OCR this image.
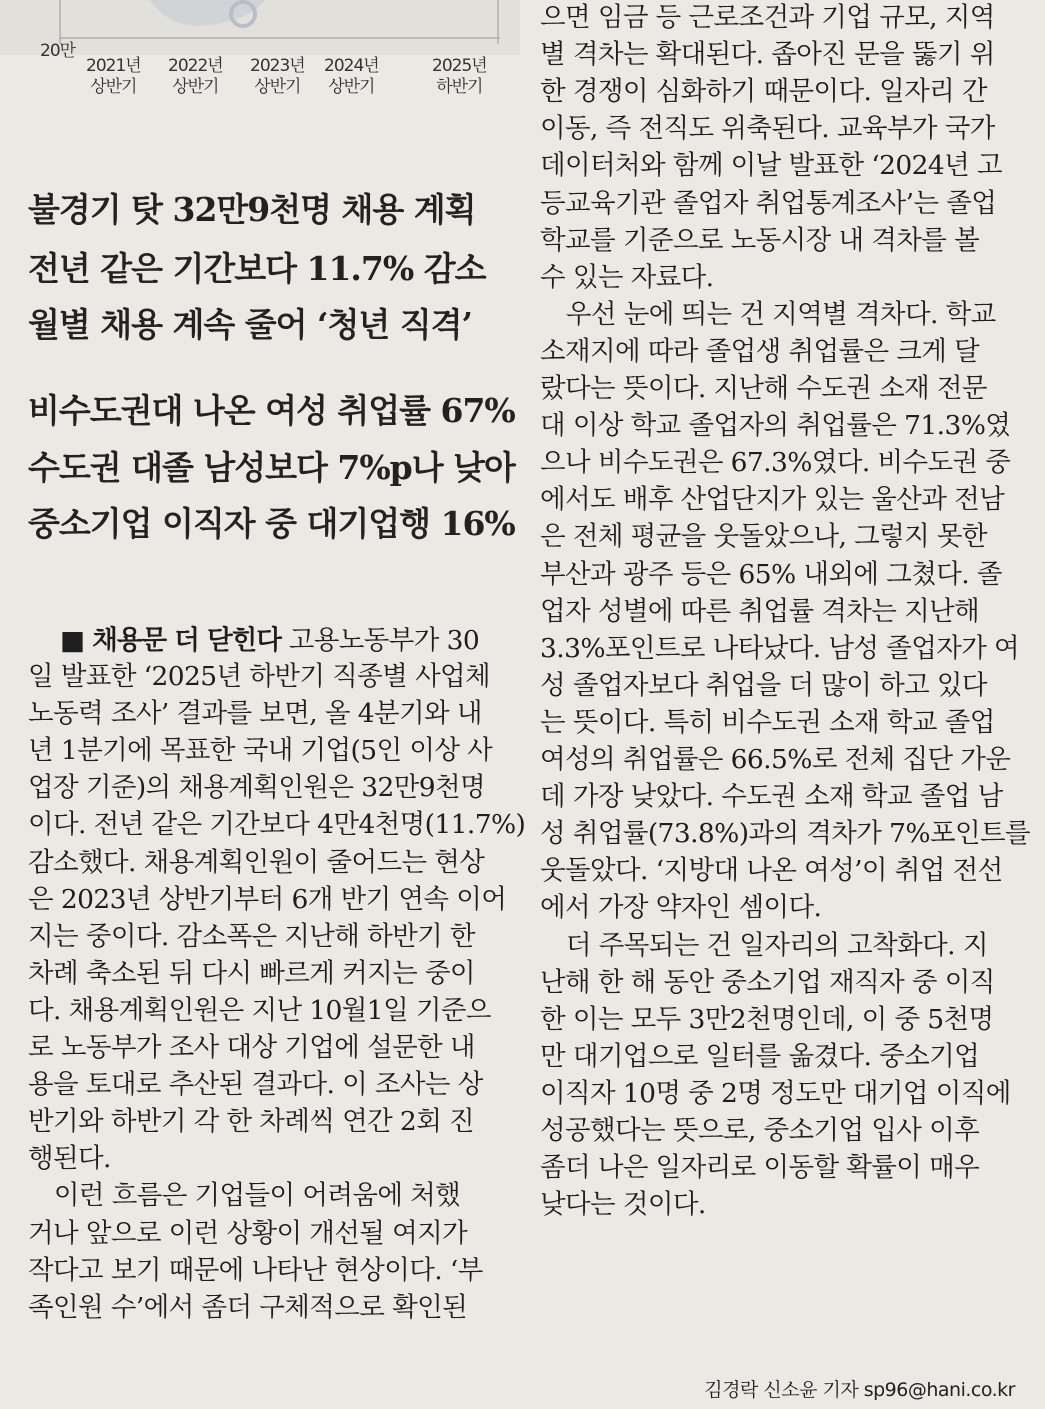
20만
2021년
상반기
2022년
상반기
2023년
상반기
2024년
상반기
2025년
하반기
불경기 탓 32만9천명 채용 계획
전년 같은 기간보다 11.7% 감소
월별 채용 계속 줄어 ‘청년 직격’
비수도권대 나온 여성 취업률 67%
수도권 대졸 남성보다 7%p나 낮아
중소기업 이직자 중 대기업행 16%
■ 채용문 더 닫힌다 고용노동부가 30
일 발표한 ‘2025년 하반기 직종별 사업체
노동력 조사’ 결과를 보면, 올 4분기와 내
년 1분기에 목표한 국내 기업(5인 이상 사
업장 기준)의 채용계획인원은 32만9천명
이다. 전년 같은 기간보다 4만4천명(11.7%)
감소했다. 채용계획인원이 줄어드는 현상
은 2023년 상반기부터 6개 반기 연속 이어
지는 중이다. 감소폭은 지난해 하반기 한
차례 축소된 뒤 다시 빠르게 커지는 중이
다. 채용계획인원은 지난 10월1일 기준으
로 노동부가 조사 대상 기업에 설문한 내
용을 토대로 추산된 결과다. 이 조사는 상
반기와 하반기 각 한 차례씩 연간 2회 진
행된다.
　이런 흐름은 기업들이 어려움에 처했
거나 앞으로 이런 상황이 개선될 여지가
작다고 보기 때문에 나타난 현상이다. ‘부
족인원 수’에서 좀더 구체적으로 확인된
으면 임금 등 근로조건과 기업 규모, 지역
별 격차는 확대된다. 좁아진 문을 뚫기 위
한 경쟁이 심화하기 때문이다. 일자리 간
이동, 즉 전직도 위축된다. 교육부가 국가
데이터처와 함께 이날 발표한 ‘2024년 고
등교육기관 졸업자 취업통계조사’는 졸업
학교를 기준으로 노동시장 내 격차를 볼
수 있는 자료다.
　우선 눈에 띄는 건 지역별 격차다. 학교
소재지에 따라 졸업생 취업률은 크게 달
랐다는 뜻이다. 지난해 수도권 소재 전문
대 이상 학교 졸업자의 취업률은 71.3%였
으나 비수도권은 67.3%였다. 비수도권 중
에서도 배후 산업단지가 있는 울산과 전남
은 전체 평균을 웃돌았으나, 그렇지 못한
부산과 광주 등은 65% 내외에 그쳤다. 졸
업자 성별에 따른 취업률 격차는 지난해
3.3%포인트로 나타났다. 남성 졸업자가 여
성 졸업자보다 취업을 더 많이 하고 있다
는 뜻이다. 특히 비수도권 소재 학교 졸업
여성의 취업률은 66.5%로 전체 집단 가운
데 가장 낮았다. 수도권 소재 학교 졸업 남
성 취업률(73.8%)과의 격차가 7%포인트를
웃돌았다. ‘지방대 나온 여성’이 취업 전선
에서 가장 약자인 셈이다.
　더 주목되는 건 일자리의 고착화다. 지
난해 한 해 동안 중소기업 재직자 중 이직
한 이는 모두 3만2천명인데, 이 중 5천명
만 대기업으로 일터를 옮겼다. 중소기업
이직자 10명 중 2명 정도만 대기업 이직에
성공했다는 뜻으로, 중소기업 입사 이후
좀더 나은 일자리로 이동할 확률이 매우
낮다는 것이다.
김경락 신소윤 기자 sp96@hani.co.kr
